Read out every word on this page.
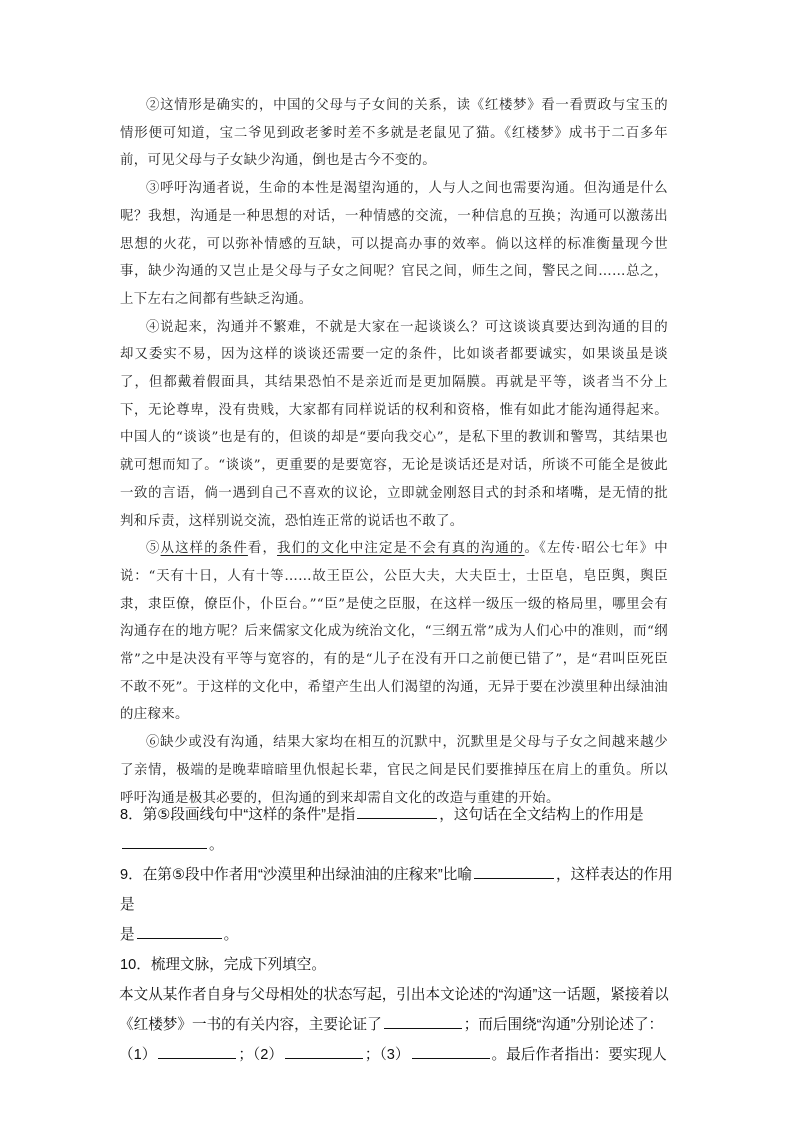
②这情形是确实的，中国的父母与子女间的关系，读《红楼梦》看一看贾政与宝玉的情形便可知道，宝二爷见到政老爹时差不多就是老鼠见了猫。《红楼梦》成书于二百多年前，可见父母与子女缺少沟通，倒也是古今不变的。

③呼吁沟通者说，生命的本性是渴望沟通的，人与人之间也需要沟通。但沟通是什么呢？我想，沟通是一种思想的对话，一种情感的交流，一种信息的互换；沟通可以激荡出思想的火花，可以弥补情感的互缺，可以提高办事的效率。倘以这样的标准衡量现今世事，缺少沟通的又岂止是父母与子女之间呢？官民之间，师生之间，警民之间……总之，上下左右之间都有些缺乏沟通。

④说起来，沟通并不繁难，不就是大家在一起谈谈么？可这谈谈真要达到沟通的目的却又委实不易，因为这样的谈谈还需要一定的条件，比如谈者都要诚实，如果谈虽是谈了，但都戴着假面具，其结果恐怕不是亲近而是更加隔膜。再就是平等，谈者当不分上下，无论尊卑，没有贵贱，大家都有同样说话的权利和资格，惟有如此才能沟通得起来。中国人的“谈谈”也是有的，但谈的却是“要向我交心”，是私下里的教训和警骂，其结果也就可想而知了。“谈谈”，更重要的是要宽容，无论是谈话还是对话，所谈不可能全是彼此一致的言语，倘一遇到自己不喜欢的议论，立即就金刚怒目式的封杀和堵嘴，是无情的批判和斥责，这样别说交流，恐怕连正常的说话也不敢了。

⑤从这样的条件看，我们的文化中注定是不会有真的沟通的。《左传·昭公七年》中说：“天有十日，人有十等……故王臣公，公臣大夫，大夫臣士，士臣皂，皂臣舆，舆臣隶，隶臣僚，僚臣仆，仆臣台。”“臣”是使之臣服，在这样一级压一级的格局里，哪里会有沟通存在的地方呢？后来儒家文化成为统治文化，“三纲五常”成为人们心中的准则，而“纲常”之中是决没有平等与宽容的，有的是“儿子在没有开口之前便已错了”，是“君叫臣死臣不敢不死”。于这样的文化中，希望产生出人们渴望的沟通，无异于要在沙漠里种出绿油油的庄稼来。

⑥缺少或没有沟通，结果大家均在相互的沉默中，沉默里是父母与子女之间越来越少了亲情，极端的是晚辈暗暗里仇恨起长辈，官民之间是民们要推掉压在肩上的重负。所以呼吁沟通是极其必要的，但沟通的到来却需自文化的改造与重建的开始。

8．第⑤段画线句中“这样的条件”是指	，这句话在全文结构上的作用是
。

9．在第⑤段中作者用“沙漠里种出绿油油的庄稼来”比喻	，这样表达的作用是
是	。

10．梳理文脉，完成下列填空。

本文从某作者自身与父母相处的状态写起，引出本文论述的“沟通”这一话题，紧接着以《红楼梦》一书的有关内容，主要论证了	；而后围绕“沟通”分别论述了：
（1）	；（2）	；（3）	。最后作者指出：要实现人
